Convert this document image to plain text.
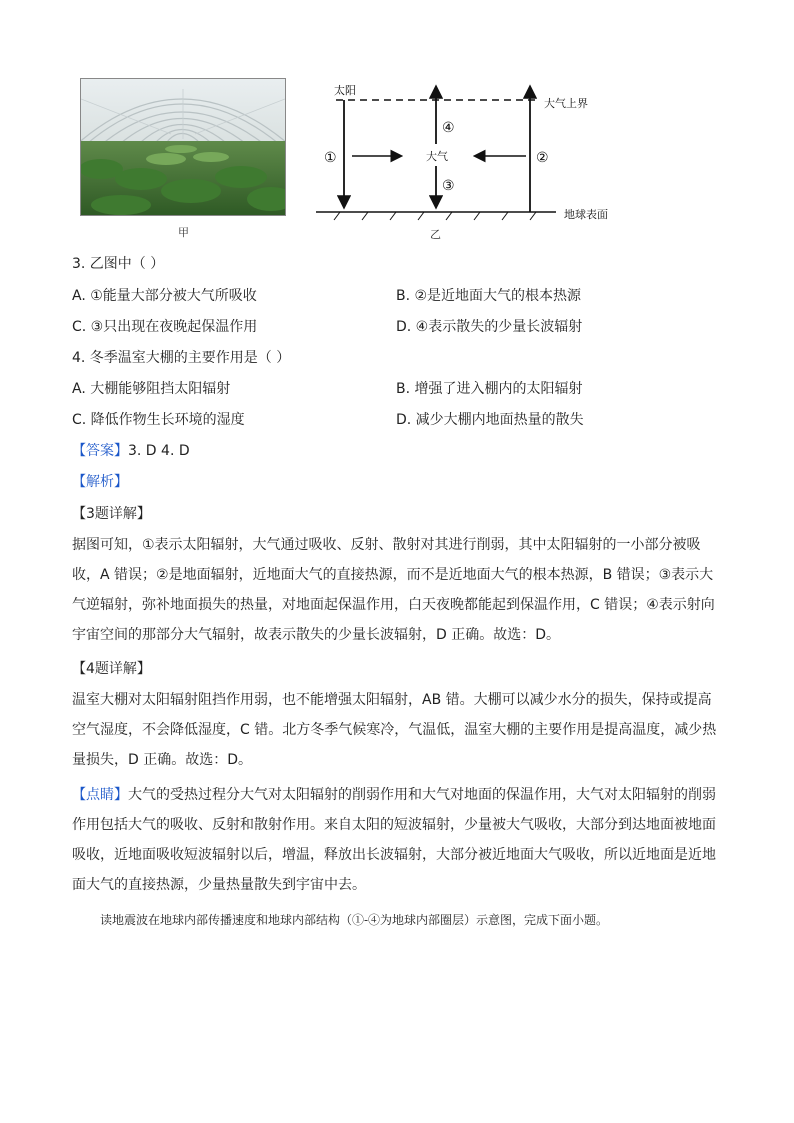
甲
太阳
大气上界
大气
地球表面
①	②
③
④
乙
3. 乙图中（ ）
A. ①能量大部分被大气所吸收	B. ②是近地面大气的根本热源
C. ③只出现在夜晚起保温作用	D. ④表示散失的少量长波辐射
4. 冬季温室大棚的主要作用是（ ）
A. 大棚能够阻挡太阳辐射	B. 增强了进入棚内的太阳辐射
C. 降低作物生长环境的湿度	D. 减少大棚内地面热量的散失
【答案】3. D 4. D
【解析】
【3题详解】
据图可知，①表示太阳辐射，大气通过吸收、反射、散射对其进行削弱，其中太阳辐射的一小部分被吸
收，A 错误；②是地面辐射，近地面大气的直接热源，而不是近地面大气的根本热源，B 错误；③表示大
气逆辐射，弥补地面损失的热量，对地面起保温作用，白天夜晚都能起到保温作用，C 错误；④表示射向
宇宙空间的那部分大气辐射，故表示散失的少量长波辐射，D 正确。故选：D。
【4题详解】
温室大棚对太阳辐射阻挡作用弱，也不能增强太阳辐射，AB 错。大棚可以减少水分的损失，保持或提高
空气湿度，不会降低湿度，C 错。北方冬季气候寒冷，气温低，温室大棚的主要作用是提高温度，减少热
量损失，D 正确。故选：D。
【点睛】大气的受热过程分大气对太阳辐射的削弱作用和大气对地面的保温作用，大气对太阳辐射的削弱
作用包括大气的吸收、反射和散射作用。来自太阳的短波辐射，少量被大气吸收，大部分到达地面被地面
吸收，近地面吸收短波辐射以后，增温，释放出长波辐射，大部分被近地面大气吸收，所以近地面是近地
面大气的直接热源，少量热量散失到宇宙中去。
读地震波在地球内部传播速度和地球内部结构（①-④为地球内部圈层）示意图，完成下面小题。
